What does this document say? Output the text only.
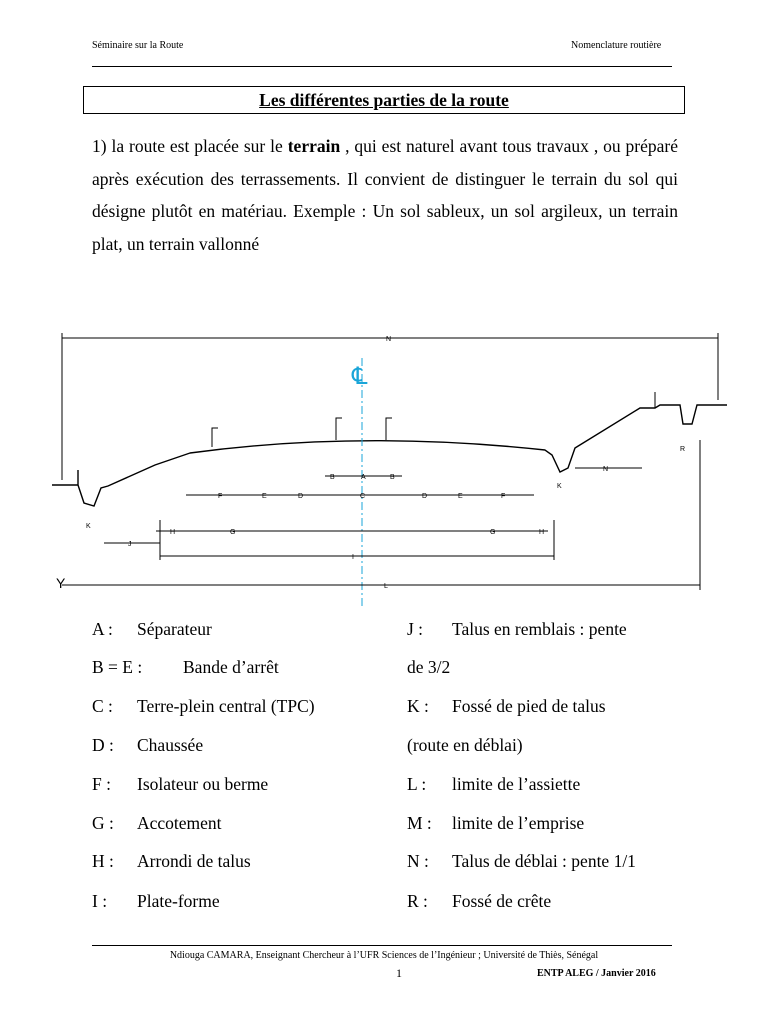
Séminaire sur la Route	Nomenclature routière
Les différentes parties de la route
1) la route est placée sur le terrain , qui est naturel avant tous travaux , ou préparé après exécution des terrassements. Il convient de distinguer le terrain du sol qui désigne plutôt en matériau. Exemple : Un sol sableux, un sol argileux, un terrain plat, un terrain vallonné
℄
N
B	A	B
F	E	D	C	D	E	F
N
K
R
K
H	G	G	H
J
I
L
Y
A : Séparateur
B = E : Bande d’arrêt
C : Terre-plein central (TPC)
D : Chaussée
F : Isolateur ou berme
G : Accotement
H : Arrondi de talus
I : Plate-forme
J : Talus en remblais : pente
de 3/2
K : Fossé de pied de talus
(route en déblai)
L : limite de l’assiette
M : limite de l’emprise
N : Talus de déblai : pente 1/1
R : Fossé de crête
Ndiouga CAMARA, Enseignant Chercheur à l’UFR Sciences de l’Ingénieur ; Université de Thiès, Sénégal
1	ENTP ALEG / Janvier 2016
